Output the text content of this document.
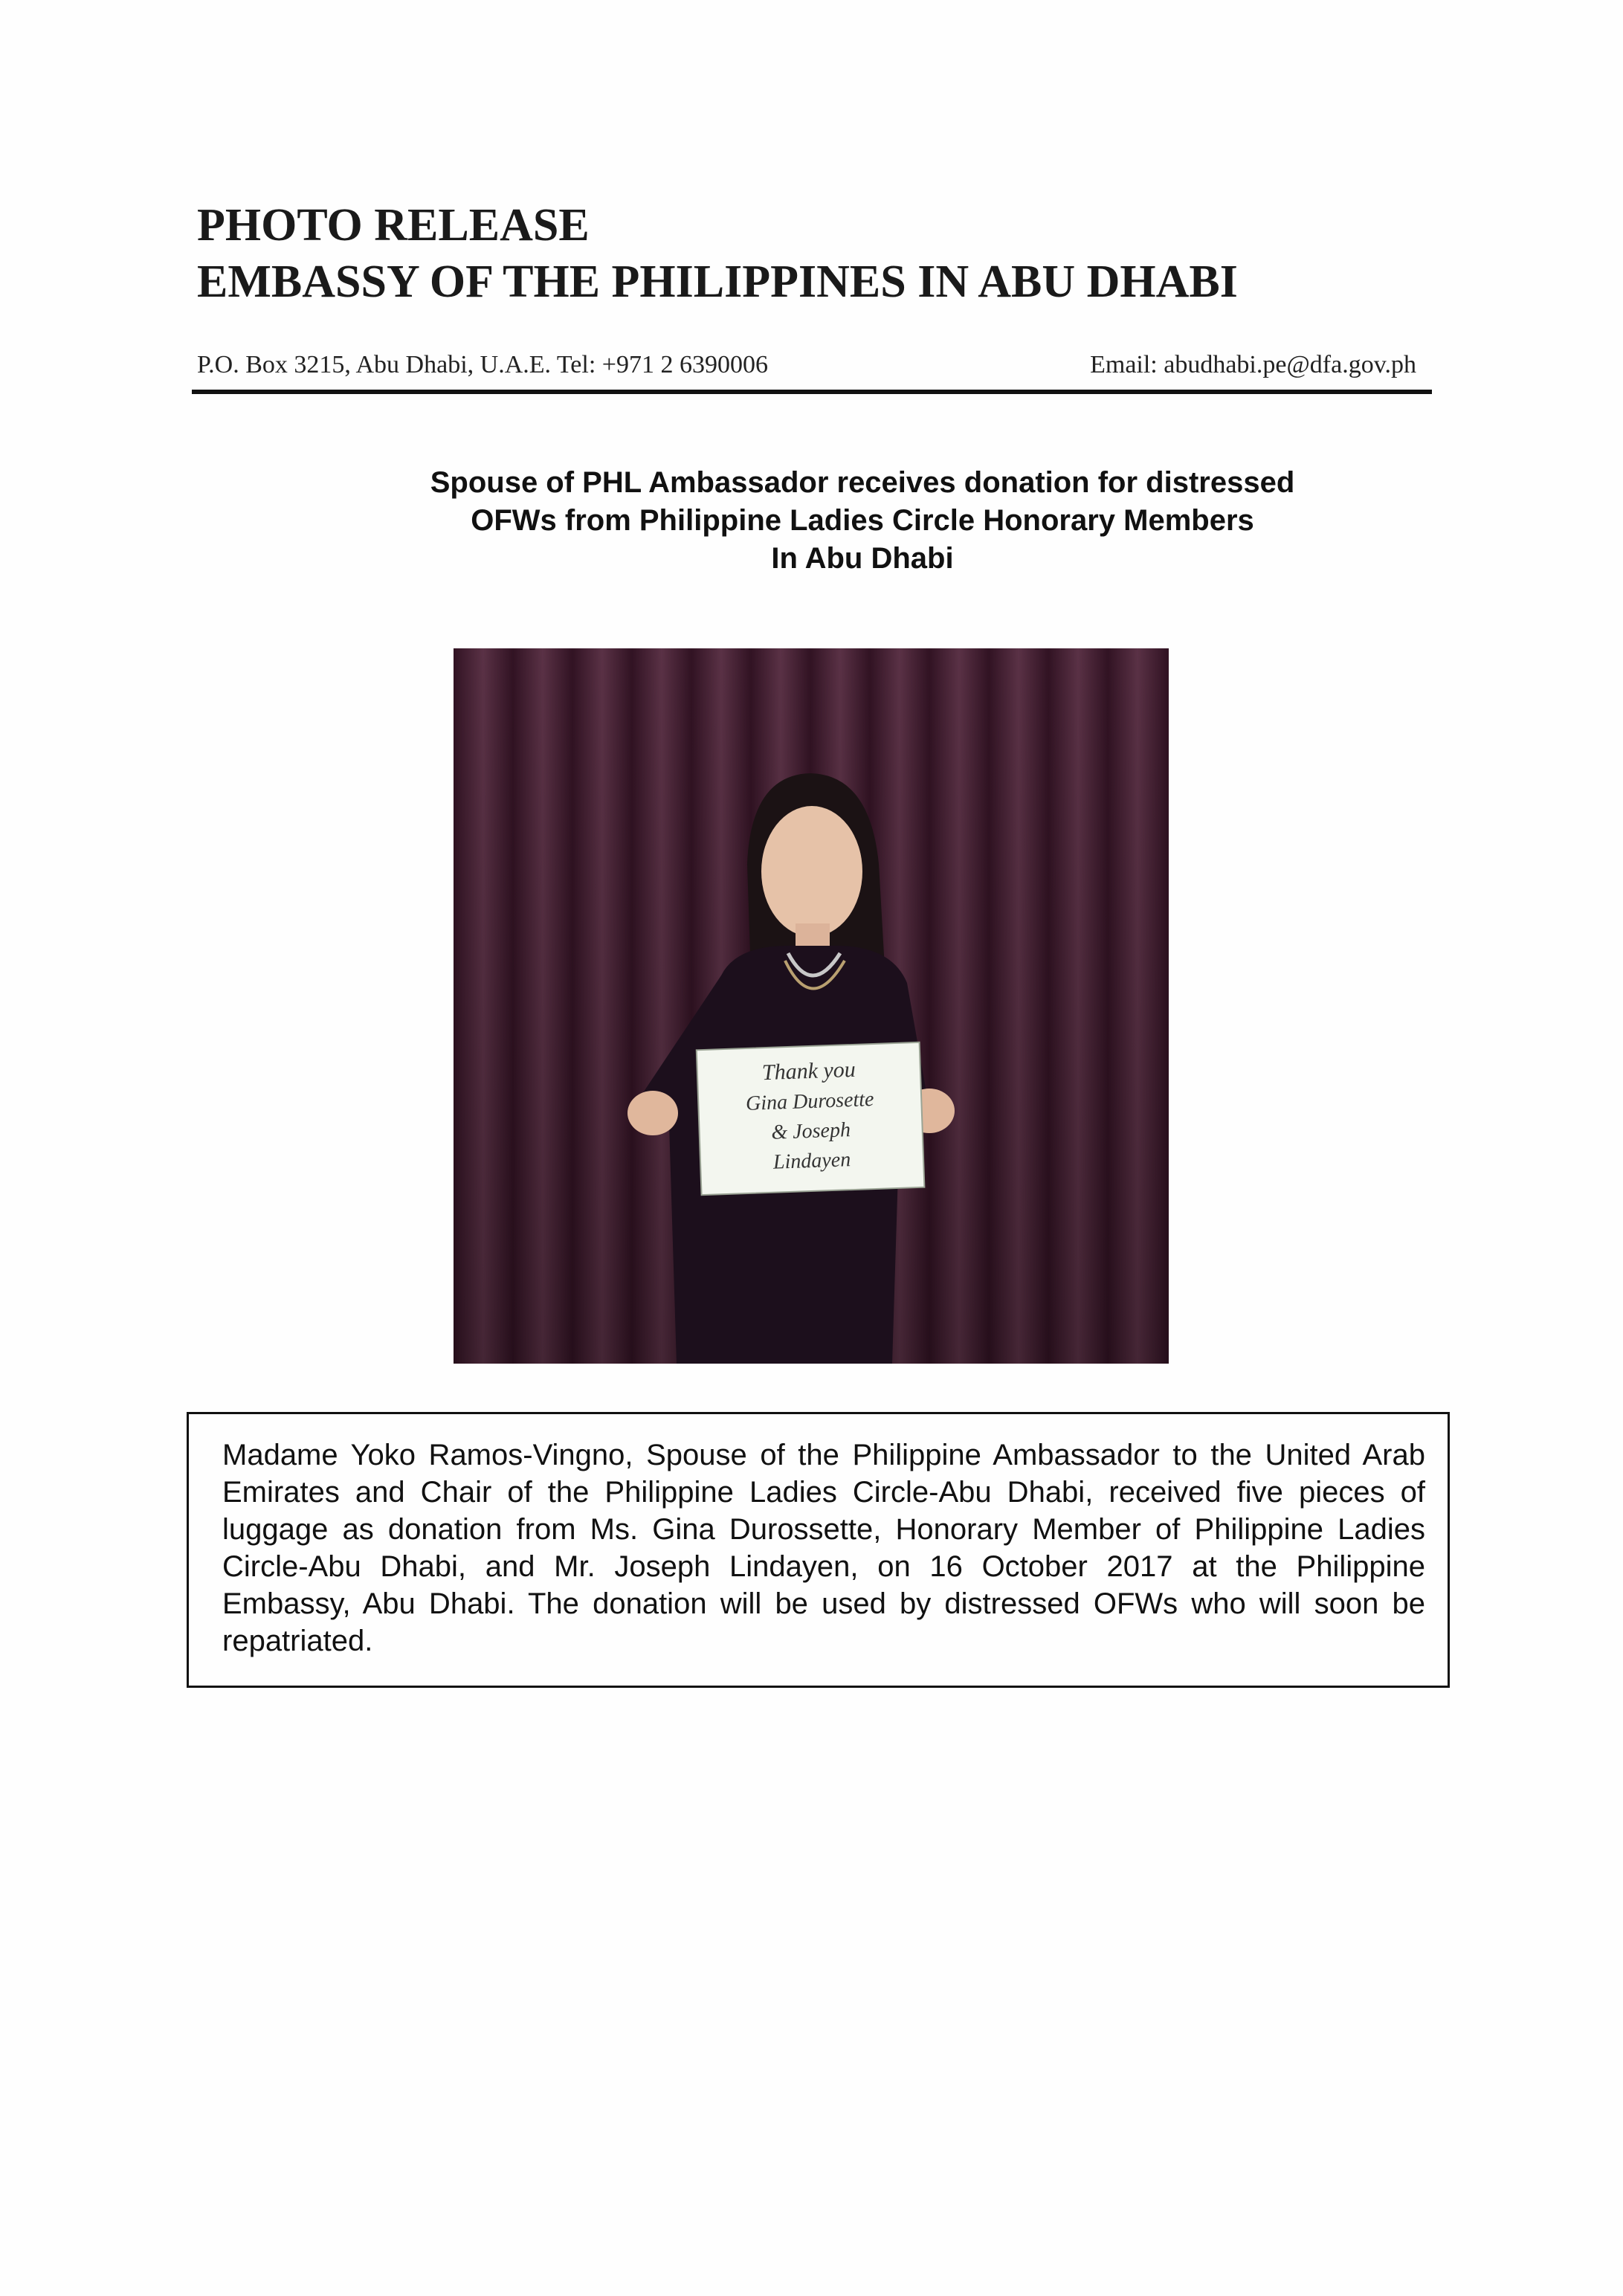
PHOTO RELEASE
EMBASSY OF THE PHILIPPINES IN ABU DHABI
P.O. Box 3215, Abu Dhabi, U.A.E. Tel: +971 2 6390006	Email: abudhabi.pe@dfa.gov.ph
Spouse of PHL Ambassador receives donation for distressed
OFWs from Philippine Ladies Circle Honorary Members
In Abu Dhabi
Thank you
Gina Durosette
& Joseph
Lindayen
Madame Yoko Ramos-Vingno, Spouse of the Philippine Ambassador to the United Arab Emirates and Chair of the Philippine Ladies Circle-Abu Dhabi, received five pieces of luggage as donation from Ms. Gina Durossette, Honorary Member of Philippine Ladies Circle-Abu Dhabi, and Mr. Joseph Lindayen, on 16 October 2017 at the Philippine Embassy, Abu Dhabi. The donation will be used by distressed OFWs who will soon be repatriated.
